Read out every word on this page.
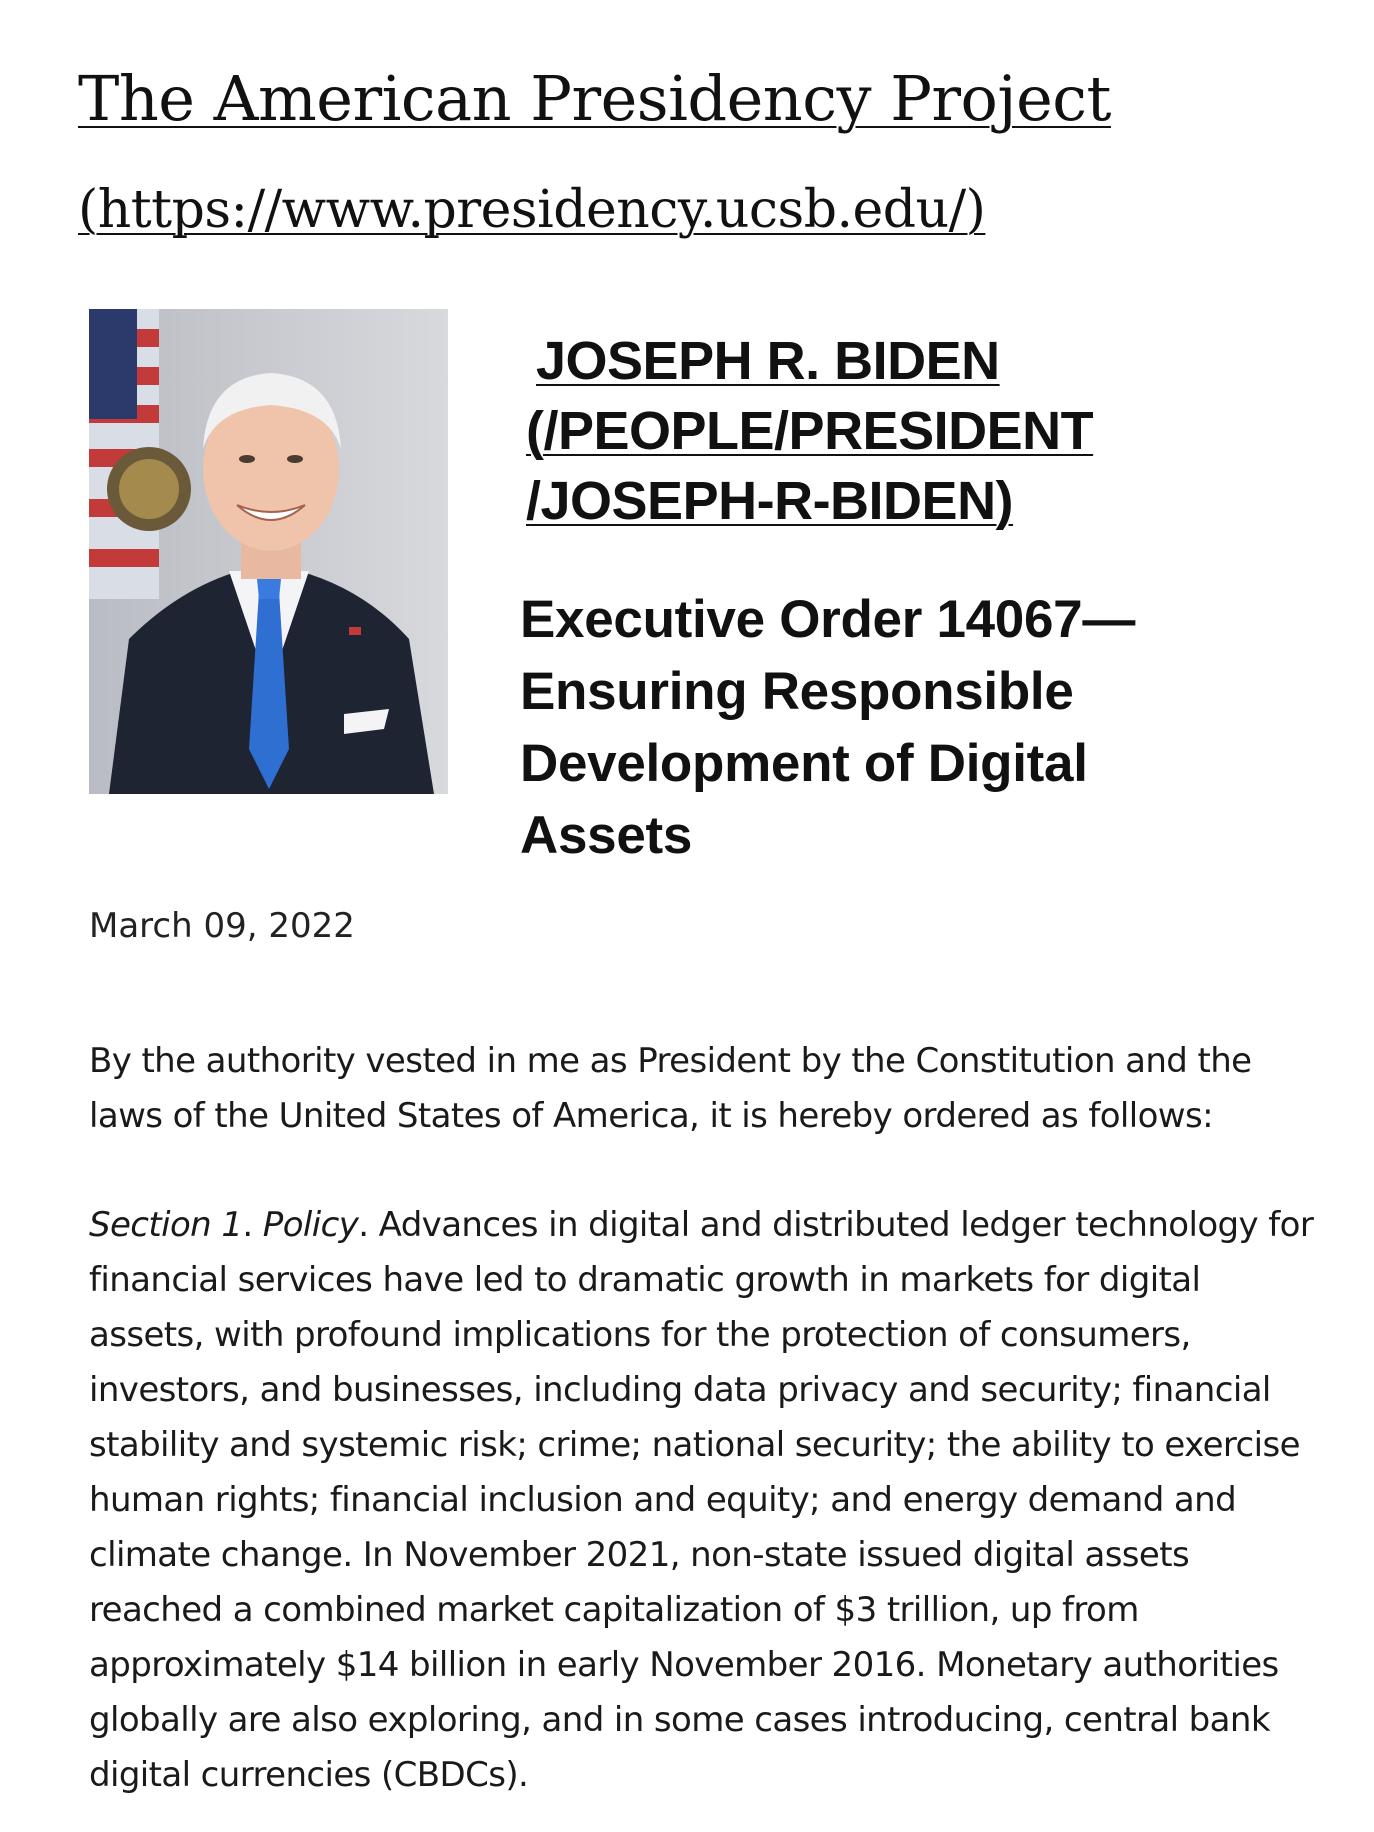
The American Presidency Project
(https://www.presidency.ucsb.edu/)
JOSEPH R. BIDEN
(/PEOPLE/PRESIDENT
/JOSEPH-R-BIDEN)
Executive Order 14067— Ensuring Responsible Development of Digital Assets
March 09, 2022

By the authority vested in me as President by the Constitution and the
laws of the United States of America, it is hereby ordered as follows:

Section 1. Policy. Advances in digital and distributed ledger technology for
financial services have led to dramatic growth in markets for digital
assets, with profound implications for the protection of consumers,
investors, and businesses, including data privacy and security; financial
stability and systemic risk; crime; national security; the ability to exercise
human rights; financial inclusion and equity; and energy demand and
climate change. In November 2021, non-state issued digital assets
reached a combined market capitalization of $3 trillion, up from
approximately $14 billion in early November 2016. Monetary authorities
globally are also exploring, and in some cases introducing, central bank
digital currencies (CBDCs).
